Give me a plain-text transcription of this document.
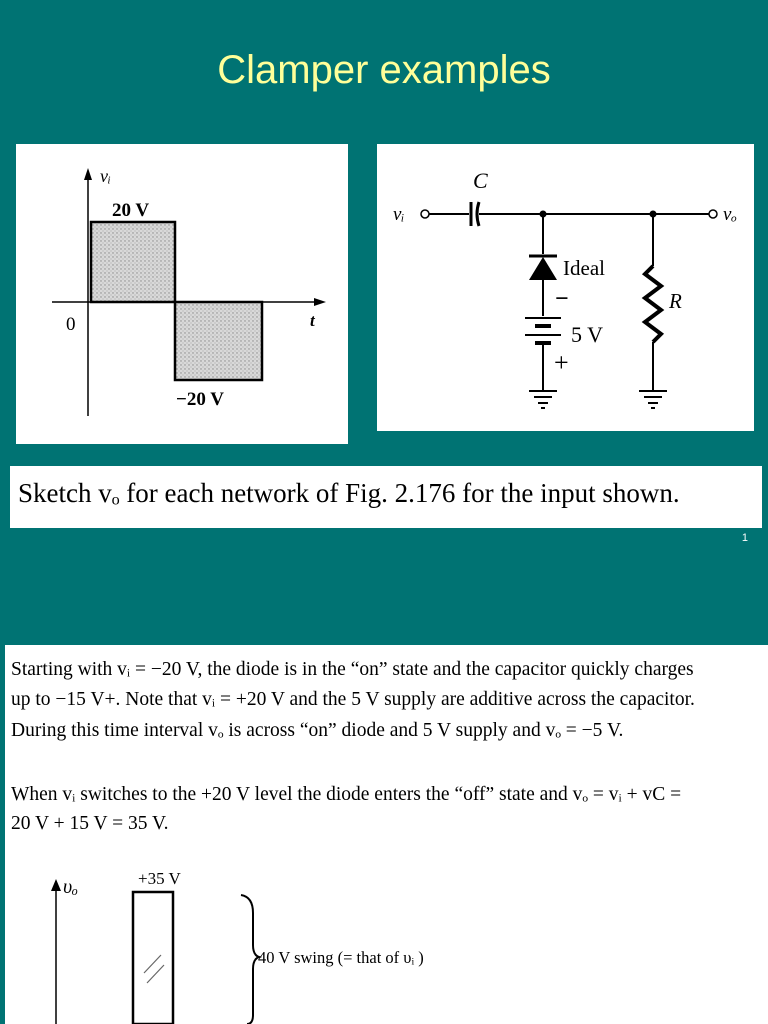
Clamper examples
vᵢ
20 V
0	t
−20 V
vᵢ
C
vₒ
Ideal
−
5 V
+
R
Sketch vₒ for each network of Fig. 2.176 for the input shown.
1

Starting with vᵢ = −20 V, the diode is in the “on” state and the capacitor quickly charges

up to −15 V+. Note that vᵢ = +20 V and the 5 V supply are additive across the capacitor.

During this time interval vₒ is across “on” diode and 5 V supply and vₒ = −5 V.

When vᵢ switches to the +20 V level the diode enters the “off” state and vₒ = vᵢ + vC =

20 V + 15 V = 35 V.

υₒ	+35 V
40 V swing (= that of υᵢ )
